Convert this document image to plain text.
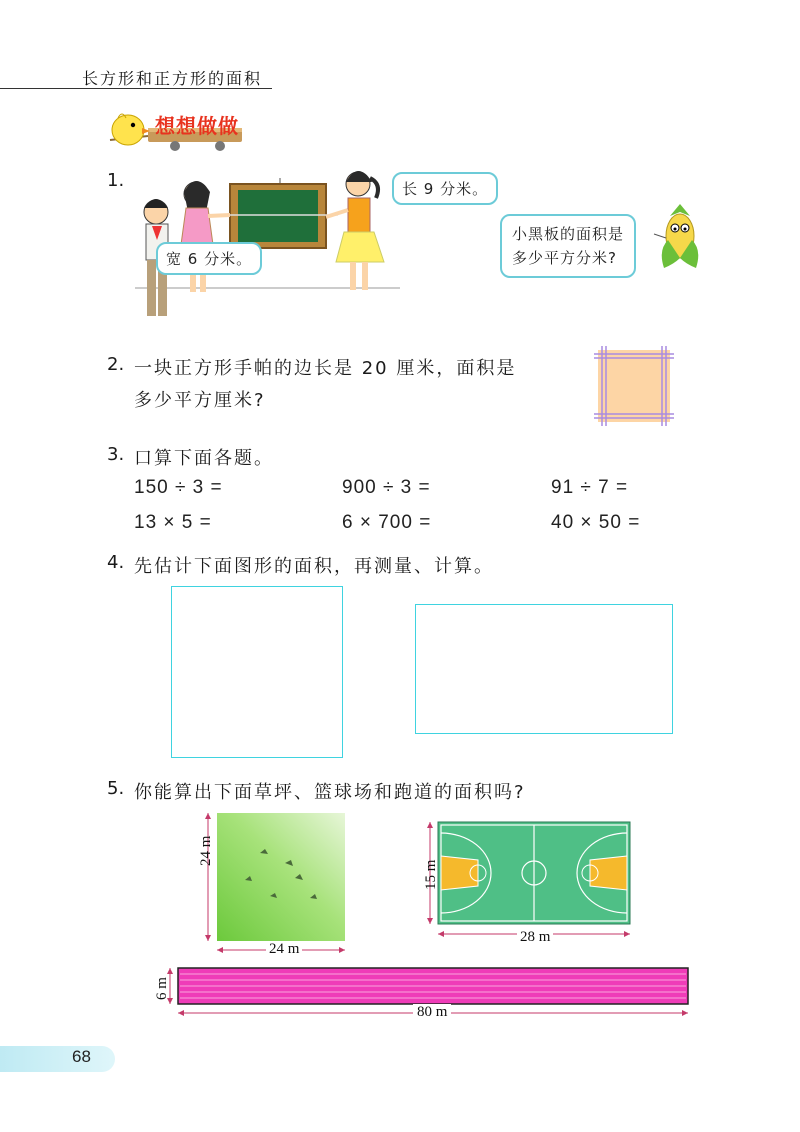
长方形和正方形的面积
想想做做
1.	长 9 分米。
宽 6 分米。
小黑板的面积是
多少平方分米?
2. 一块正方形手帕的边长是 20 厘米，面积是
多少平方厘米?
3. 口算下面各题。
150 ÷ 3 =	900 ÷ 3 =	91 ÷ 7 =
13 × 5 =	6 × 700 =	40 × 50 =
4. 先估计下面图形的面积，再测量、计算。
5. 你能算出下面草坪、篮球场和跑道的面积吗?
24 m
24 m
15 m
28 m
6 m
80 m
68
